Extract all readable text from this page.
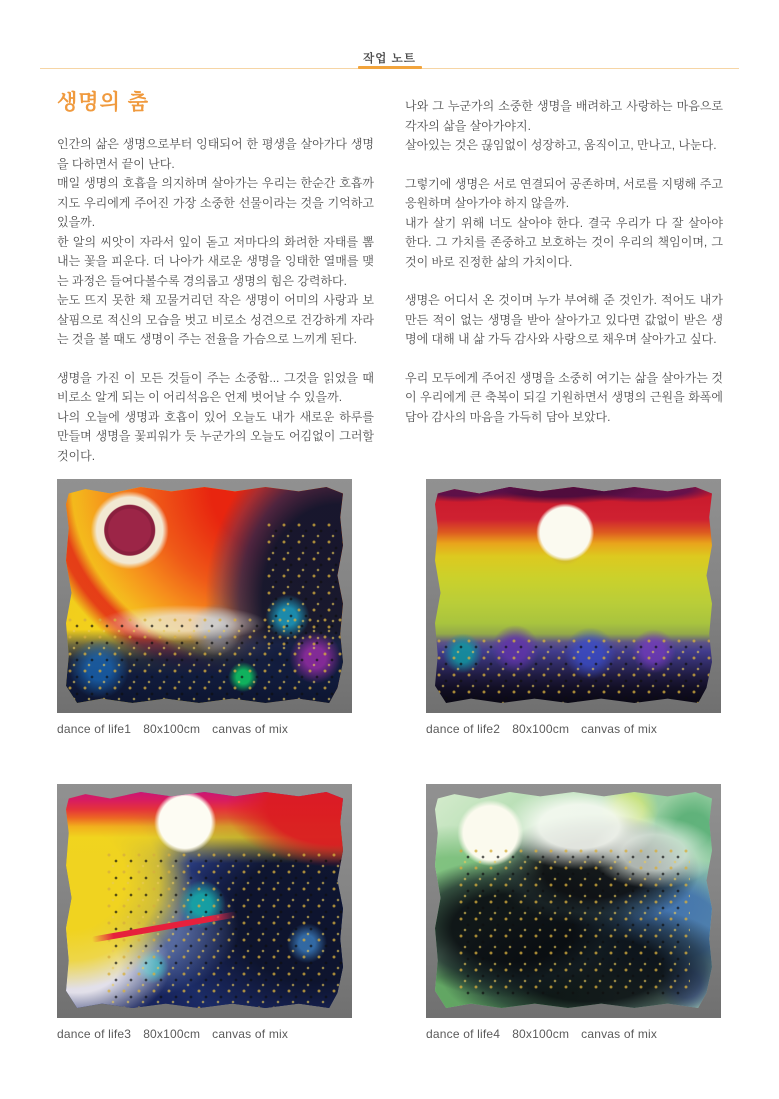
작업 노트
생명의 춤

인간의 삶은 생명으로부터 잉태되어 한 평생을 살아가다 생명을 다하면서 끝이 난다.

매일 생명의 호흡을 의지하며 살아가는 우리는 한순간 호흡까지도 우리에게 주어진 가장 소중한 선물이라는 것을 기억하고 있을까.

한 알의 씨앗이 자라서 잎이 돋고 저마다의 화려한 자태를 뽐내는 꽃을 피운다. 더 나아가 새로운 생명을 잉태한 열매를 맺는 과정은 들여다볼수록 경의롭고 생명의 힘은 강력하다.

눈도 뜨지 못한 채 꼬물거리던 작은 생명이 어미의 사랑과 보살핌으로 적신의 모습을 벗고 비로소 성견으로 건강하게 자라는 것을 볼 때도 생명이 주는 전율을 가슴으로 느끼게 된다.

생명을 가진 이 모든 것들이 주는 소중함... 그것을 읽었을 때 비로소 알게 되는 이 어리석음은 언제 벗어날 수 있을까.

나의 오늘에 생명과 호흡이 있어 오늘도 내가 새로운 하루를 만들며 생명을 꽃피워가 듯 누군가의 오늘도 어김없이 그러할 것이다.

나와 그 누군가의 소중한 생명을 배려하고 사랑하는 마음으로 각자의 삶을 살아가야지.

살아있는 것은 끊임없이 성장하고, 움직이고, 만나고, 나눈다.

그렇기에 생명은 서로 연결되어 공존하며, 서로를 지탱해 주고 응원하며 살아가야 하지 않을까.

내가 살기 위해 너도 살아야 한다. 결국 우리가 다 잘 살아야 한다. 그 가치를 존중하고 보호하는 것이 우리의 책임이며, 그것이 바로 진정한 삶의 가치이다.

생명은 어디서 온 것이며 누가 부여해 준 것인가. 적어도 내가 만든 적이 없는 생명을 받아 살아가고 있다면 값없이 받은 생명에 대해 내 삶 가득 감사와 사랑으로 채우며 살아가고 싶다.

우리 모두에게 주어진 생명을 소중히 여기는 삶을 살아가는 것이 우리에게 큰 축복이 되길 기원하면서 생명의 근원을 화폭에 담아 감사의 마음을 가득히 담아 보았다.

dance of life1 80x100cm canvas of mix	dance of life2 80x100cm canvas of mix
dance of life3 80x100cm canvas of mix	dance of life4 80x100cm canvas of mix
